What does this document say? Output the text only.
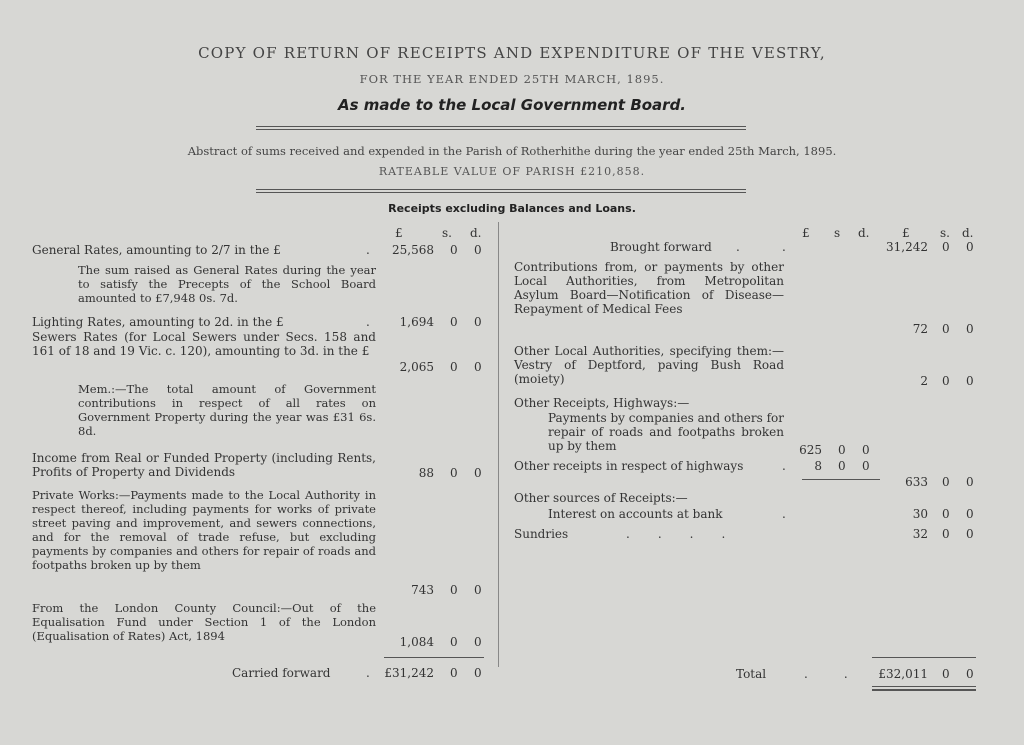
COPY OF RETURN OF RECEIPTS AND EXPENDITURE OF THE VESTRY,
FOR THE YEAR ENDED 25TH MARCH, 1895.
As made to the Local Government Board.
Abstract of sums received and expended in the Parish of Rotherhithe during the year ended 25th March, 1895.
RATEABLE VALUE OF PARISH £210,858.
Receipts excluding Balances and Loans.
£	s. d.
General Rates, amounting to 2/7 in the £	.	25,568 0 0
The sum raised as General Rates during the year to satisfy the Precepts of the School Board amounted to £7,948 0s. 7d.
Lighting Rates, amounting to 2d. in the £	.	1,694 0 0
Sewers Rates (for Local Sewers under Secs. 158 and 161 of 18 and 19 Vic. c. 120), amounting to 3d. in the £
2,065 0 0
Mem.:—The total amount of Government contributions in respect of all rates on Government Property during the year was £31 6s. 8d.
Income from Real or Funded Property (including Rents, Profits of Property and Dividends	88 0 0
Private Works:—Payments made to the Local Authority in respect thereof, including payments for works of private street paving and improvement, and sewers connections, and for the removal of trade refuse, but excluding payments by companies and others for repair of roads and footpaths broken up by them
743 0 0
From the London County Council:—Out of the Equalisation Fund under Section 1 of the London (Equalisation of Rates) Act, 1894	1,084 0 0
Carried forward	.	£31,242 0 0
£ s d.	£	s. d.
Brought forward .	.	31,242 0 0
Contributions from, or payments by other Local Authorities, from Metropolitan Asylum Board—Notification of Disease—Repayment of Medical Fees
72 0 0
Other Local Authorities, specifying them:—Vestry of Deptford, paving Bush Road (moiety)	2 0 0
Other Receipts, Highways:—
Payments by companies and others for repair of roads and footpaths broken up by them	625 0 0
Other receipts in respect of highways	.	8 0 0
633 0 0
Other sources of Receipts:—
Interest on accounts at bank	.	30 0 0
Sundries	....	32 0 0
Total	..
£32,011 0 0
